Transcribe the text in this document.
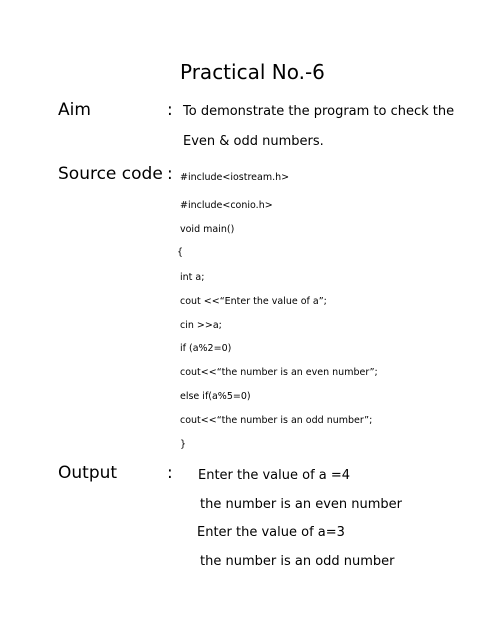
Practical No.-6
Aim	: To demonstrate the program to check the
Even & odd numbers.
Source code : #include<iostream.h>
#include<conio.h>
void main()
{
int a;
cout <<“Enter the value of a”;
cin >>a;
if (a%2=0)
cout<<“the number is an even number”;
else if(a%5=0)
cout<<“the number is an odd number”;
}
Output	: Enter the value of a =4
the number is an even number
Enter the value of a=3
the number is an odd number
